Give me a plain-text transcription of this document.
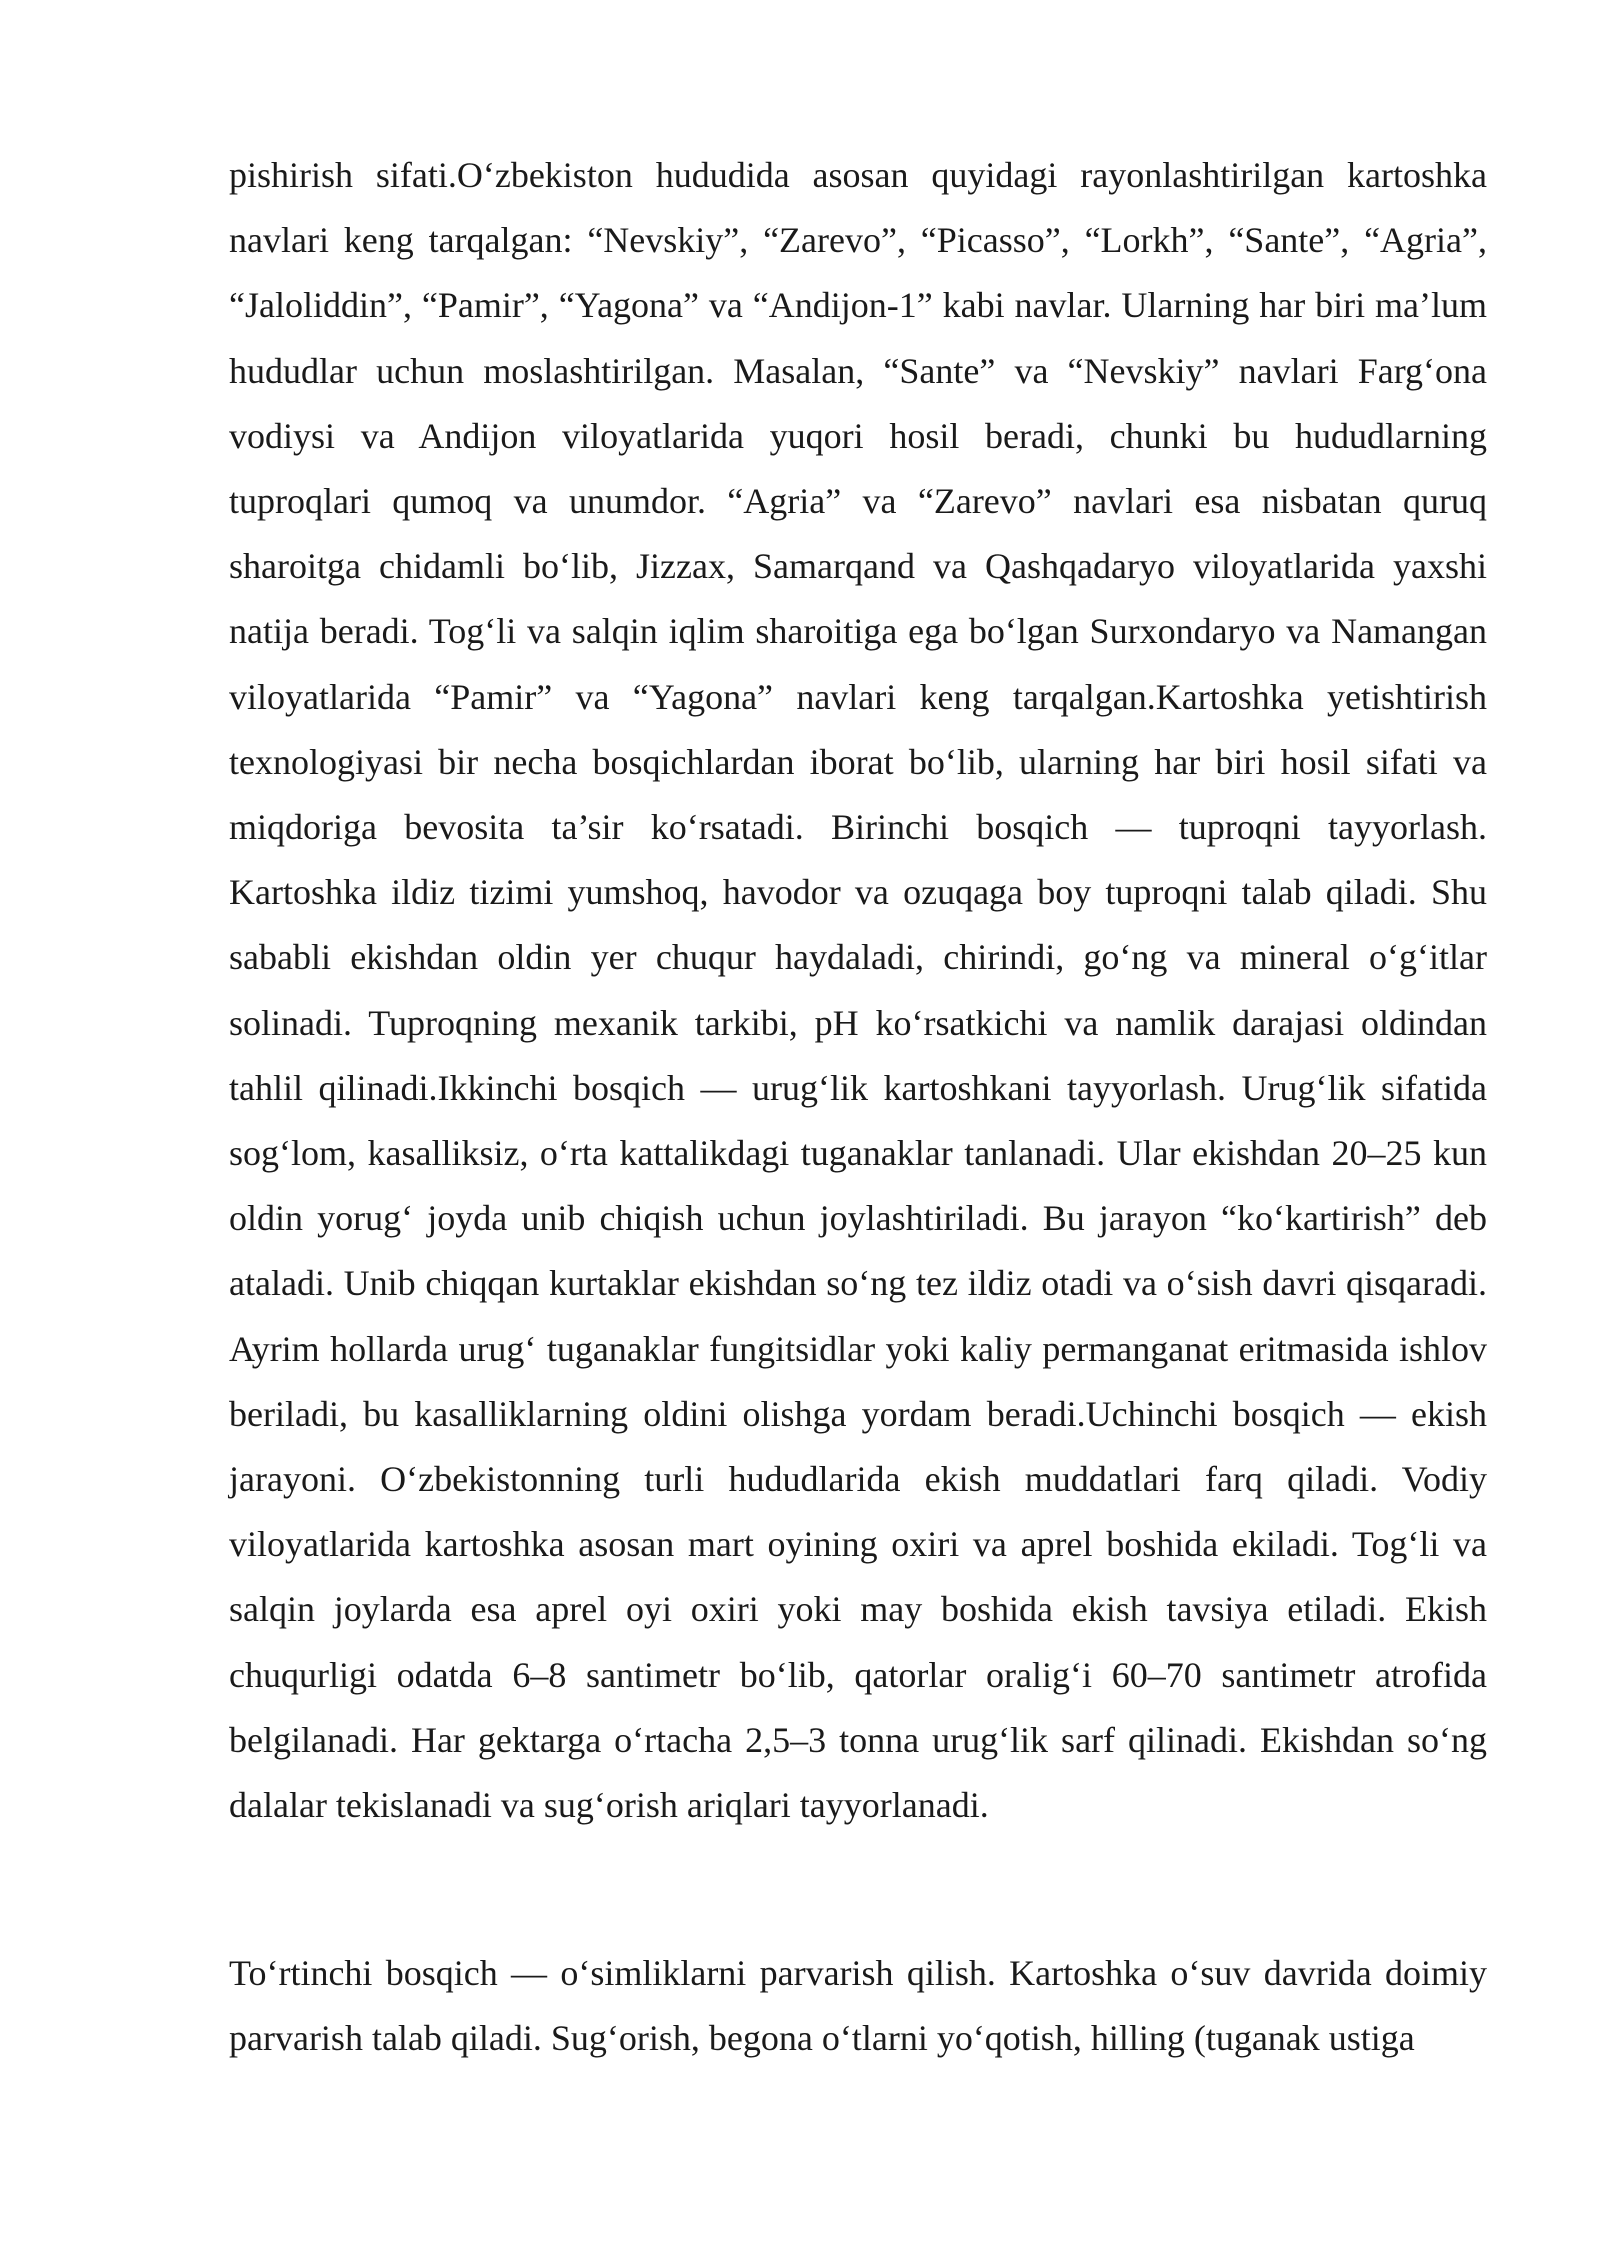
pishirish sifati.O‘zbekiston hududida asosan quyidagi rayonlashtirilgan kartoshka navlari keng tarqalgan: “Nevskiy”, “Zarevo”, “Picasso”, “Lorkh”, “Sante”, “Agria”, “Jaloliddin”, “Pamir”, “Yagona” va “Andijon-1” kabi navlar. Ularning har biri ma’lum hududlar uchun moslashtirilgan. Masalan, “Sante” va “Nevskiy” navlari Farg‘ona vodiysi va Andijon viloyatlarida yuqori hosil beradi, chunki bu hududlarning tuproqlari qumoq va unumdor. “Agria” va “Zarevo” navlari esa nisbatan quruq sharoitga chidamli bo‘lib, Jizzax, Samarqand va Qashqadaryo viloyatlarida yaxshi natija beradi. Tog‘li va salqin iqlim sharoitiga ega bo‘lgan Surxondaryo va Namangan viloyatlarida “Pamir” va “Yagona” navlari keng tarqalgan.Kartoshka yetishtirish texnologiyasi bir necha bosqichlardan iborat bo‘lib, ularning har biri hosil sifati va miqdoriga bevosita ta’sir ko‘rsatadi. Birinchi bosqich — tuproqni tayyorlash. Kartoshka ildiz tizimi yumshoq, havodor va ozuqaga boy tuproqni talab qiladi. Shu sababli ekishdan oldin yer chuqur haydaladi, chirindi, go‘ng va mineral o‘g‘itlar solinadi. Tuproqning mexanik tarkibi, pH ko‘rsatkichi va namlik darajasi oldindan tahlil qilinadi.Ikkinchi bosqich — urug‘lik kartoshkani tayyorlash. Urug‘lik sifatida sog‘lom, kasalliksiz, o‘rta kattalikdagi tuganaklar tanlanadi. Ular ekishdan 20–25 kun oldin yorug‘ joyda unib chiqish uchun joylashtiriladi. Bu jarayon “ko‘kartirish” deb ataladi. Unib chiqqan kurtaklar ekishdan so‘ng tez ildiz otadi va o‘sish davri qisqaradi. Ayrim hollarda urug‘ tuganaklar fungitsidlar yoki kaliy permanganat eritmasida ishlov beriladi, bu kasalliklarning oldini olishga yordam beradi.Uchinchi bosqich — ekish jarayoni. O‘zbekistonning turli hududlarida ekish muddatlari farq qiladi. Vodiy viloyatlarida kartoshka asosan mart oyining oxiri va aprel boshida ekiladi. Tog‘li va salqin joylarda esa aprel oyi oxiri yoki may boshida ekish tavsiya etiladi. Ekish chuqurligi odatda 6–8 santimetr bo‘lib, qatorlar oralig‘i 60–70 santimetr atrofida belgilanadi. Har gektarga o‘rtacha 2,5–3 tonna urug‘lik sarf qilinadi. Ekishdan so‘ng dalalar tekislanadi va sug‘orish ariqlari tayyorlanadi.

To‘rtinchi bosqich — o‘simliklarni parvarish qilish. Kartoshka o‘suv davrida doimiy parvarish talab qiladi. Sug‘orish, begona o‘tlarni yo‘qotish, hilling (tuganak ustiga
